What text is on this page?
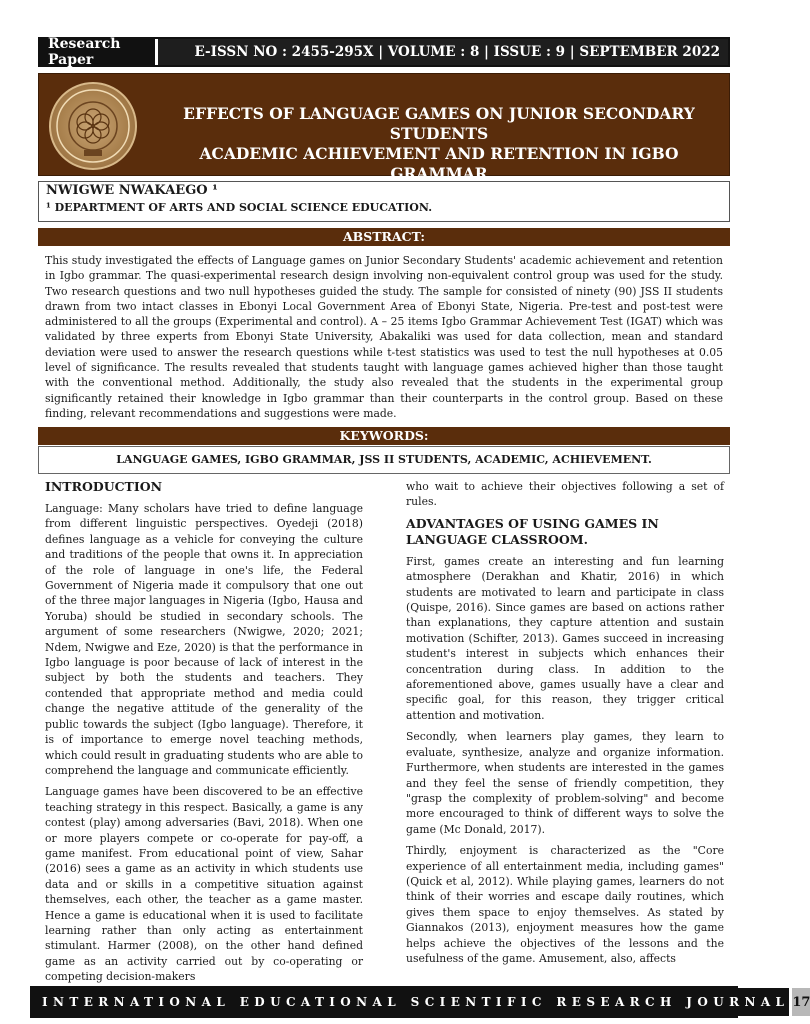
Research Paper	E-ISSN NO : 2455-295X | VOLUME : 8 | ISSUE : 9 | SEPTEMBER 2022
EFFECTS OF LANGUAGE GAMES ON JUNIOR SECONDARY STUDENTS
ACADEMIC ACHIEVEMENT AND RETENTION IN IGBO GRAMMAR
NWIGWE NWAKAEGO ¹
¹ DEPARTMENT OF ARTS AND SOCIAL SCIENCE EDUCATION.
ABSTRACT:
This study investigated the effects of Language games on Junior Secondary Students' academic achievement and retention in Igbo grammar. The quasi-experimental research design involving non-equivalent control group was used for the study. Two research questions and two null hypotheses guided the study. The sample for consisted of ninety (90) JSS II students drawn from two intact classes in Ebonyi Local Government Area of Ebonyi State, Nigeria. Pre-test and post-test were administered to all the groups (Experimental and control). A – 25 items Igbo Grammar Achievement Test (IGAT) which was validated by three experts from Ebonyi State University, Abakaliki was used for data collection, mean and standard deviation were used to answer the research questions while t-test statistics was used to test the null hypotheses at 0.05 level of significance. The results revealed that students taught with language games achieved higher than those taught with the conventional method. Additionally, the study also revealed that the students in the experimental group significantly retained their knowledge in Igbo grammar than their counterparts in the control group. Based on these finding, relevant recommendations and suggestions were made.
KEYWORDS:
LANGUAGE GAMES, IGBO GRAMMAR, JSS II STUDENTS, ACADEMIC, ACHIEVEMENT.
INTRODUCTION

Language: Many scholars have tried to define language from different linguistic perspectives. Oyedeji (2018) defines language as a vehicle for conveying the culture and traditions of the people that owns it. In appreciation of the role of language in one's life, the Federal Government of Nigeria made it compulsory that one out of the three major languages in Nigeria (Igbo, Hausa and Yoruba) should be studied in secondary schools. The argument of some researchers (Nwigwe, 2020; 2021; Ndem, Nwigwe and Eze, 2020) is that the performance in Igbo language is poor because of lack of interest in the subject by both the students and teachers. They contended that appropriate method and media could change the negative attitude of the generality of the public towards the subject (Igbo language). Therefore, it is of importance to emerge novel teaching methods, which could result in graduating students who are able to comprehend the language and communicate efficiently.

Language games have been discovered to be an effective teaching strategy in this respect. Basically, a game is any contest (play) among adversaries (Bavi, 2018). When one or more players compete or co-operate for pay-off, a game manifest. From educational point of view, Sahar (2016) sees a game as an activity in which students use data and or skills in a competitive situation against themselves, each other, the teacher as a game master. Hence a game is educational when it is used to facilitate learning rather than only acting as entertainment stimulant. Harmer (2008), on the other hand defined game as an activity carried out by co-operating or competing decision-makers

who wait to achieve their objectives following a set of rules.

ADVANTAGES OF USING GAMES IN LANGUAGE CLASSROOM.

First, games create an interesting and fun learning atmosphere (Derakhan and Khatir, 2016) in which students are motivated to learn and participate in class (Quispe, 2016). Since games are based on actions rather than explanations, they capture attention and sustain motivation (Schifter, 2013). Games succeed in increasing student's interest in subjects which enhances their concentration during class. In addition to the aforementioned above, games usually have a clear and specific goal, for this reason, they trigger critical attention and motivation.

Secondly, when learners play games, they learn to evaluate, synthesize, analyze and organize information. Furthermore, when students are interested in the games and they feel the sense of friendly competition, they "grasp the complexity of problem-solving" and become more encouraged to think of different ways to solve the game (Mc Donald, 2017).

Thirdly, enjoyment is characterized as the "Core experience of all entertainment media, including games" (Quick et al, 2012). While playing games, learners do not think of their worries and escape daily routines, which gives them space to enjoy themselves. As stated by Giannakos (2013), enjoyment measures how the game helps achieve the objectives of the lessons and the usefulness of the game. Amusement, also, affects

INTERNATIONAL EDUCATIONAL SCIENTIFIC RESEARCH JOURNAL 17
